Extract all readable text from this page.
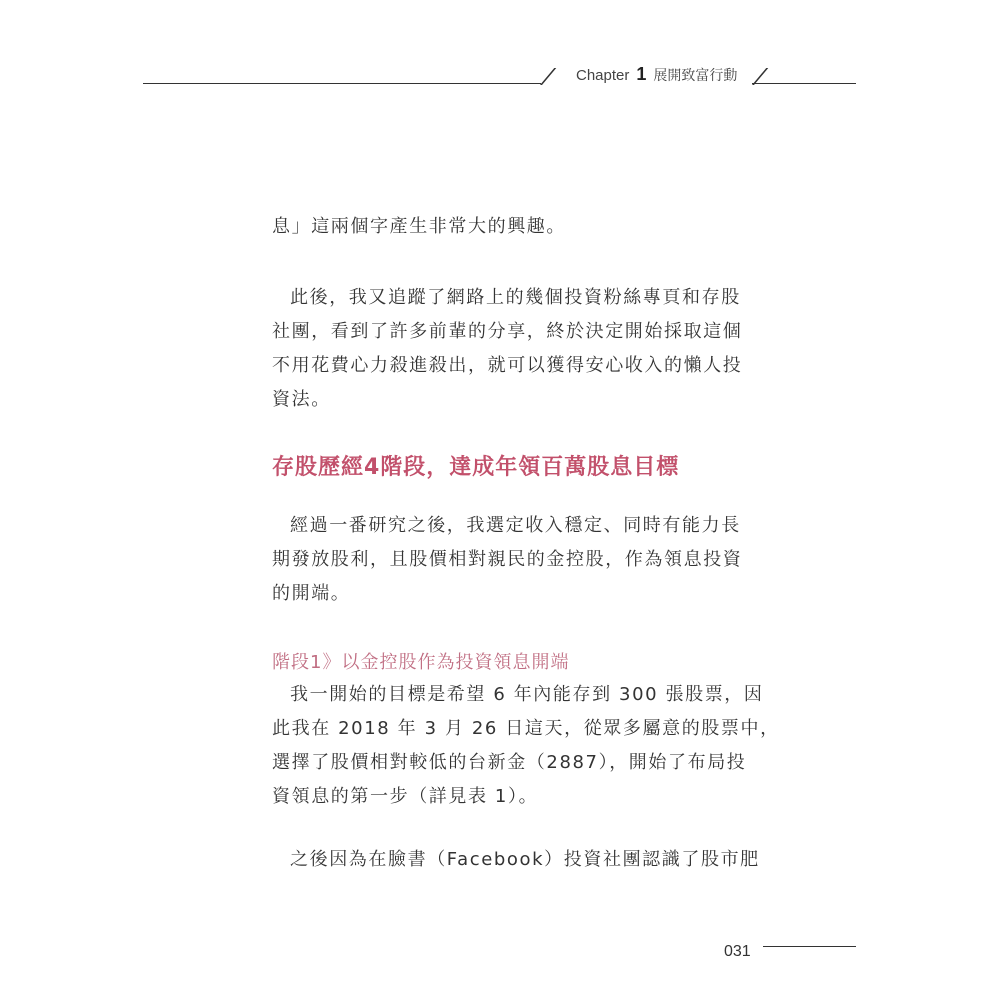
Chapter 1 展開致富行動
息」這兩個字產生非常大的興趣。
此後，我又追蹤了網路上的幾個投資粉絲專頁和存股
社團，看到了許多前輩的分享，終於決定開始採取這個
不用花費心力殺進殺出，就可以獲得安心收入的懶人投
資法。
存股歷經4階段，達成年領百萬股息目標
經過一番研究之後，我選定收入穩定、同時有能力長
期發放股利，且股價相對親民的金控股，作為領息投資
的開端。
階段1》以金控股作為投資領息開端
我一開始的目標是希望 6 年內能存到 300 張股票，因
此我在 2018 年 3 月 26 日這天，從眾多屬意的股票中，
選擇了股價相對較低的台新金（2887），開始了布局投
資領息的第一步（詳見表 1）。
之後因為在臉書（Facebook）投資社團認識了股市肥
031
